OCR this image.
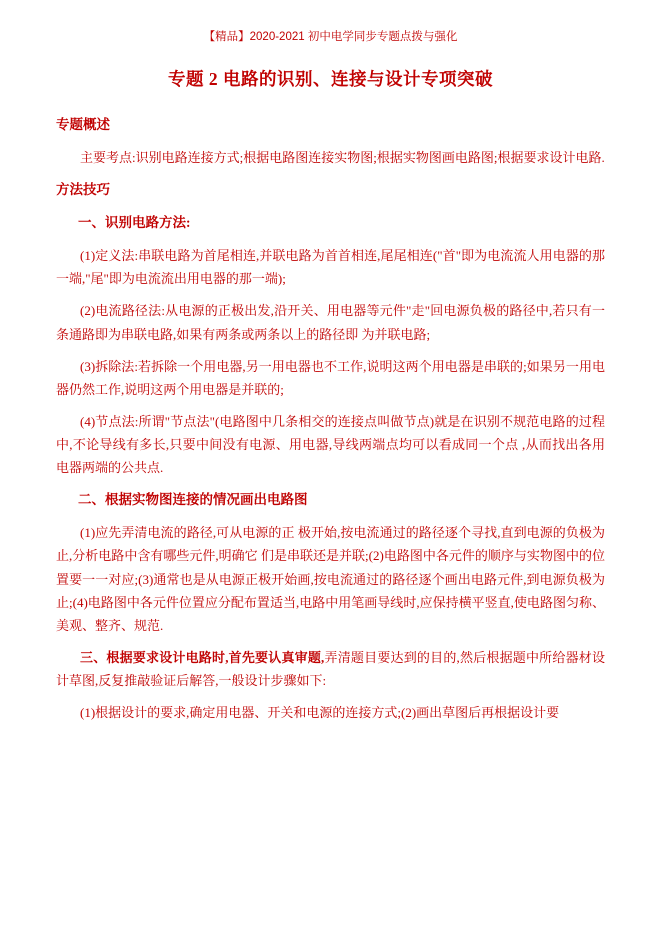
【精品】2020-2021 初中电学同步专题点拨与强化
专题 2 电路的识别、连接与设计专项突破
专题概述

主要考点:识别电路连接方式;根据电路图连接实物图;根据实物图画电路图;根据要求设计电路.

方法技巧
一、识别电路方法:

(1)定义法:串联电路为首尾相连,并联电路为首首相连,尾尾相连("首"即为电流流人用电器的那一端,"尾"即为电流流出用电器的那一端);

(2)电流路径法:从电源的正极出发,沿开关、用电器等元件"走"回电源负极的路径中,若只有一条通路即为串联电路,如果有两条或两条以上的路径即 为并联电路;

(3)拆除法:若拆除一个用电器,另一用电器也不工作,说明这两个用电器是串联的;如果另一用电器仍然工作,说明这两个用电器是并联的;

(4)节点法:所谓"节点法"(电路图中几条相交的连接点叫做节点)就是在识别不规范电路的过程中,不论导线有多长,只要中间没有电源、用电器,导线两端点均可以看成同一个点 ,从而找出各用电器两端的公共点.

二、根据实物图连接的情况画出电路图

(1)应先弄清电流的路径,可从电源的正 极开始,按电流通过的路径逐个寻找,直到电源的负极为止,分析电路中含有哪些元件,明确它 们是串联还是并联;(2)电路图中各元件的顺序与实物图中的位置要一一对应;(3)通常也是从电源正极开始画,按电流通过的路径逐个画出电路元件,到电源负极为止;(4)电路图中各元件位置应分配布置适当,电路中用笔画导线时,应保持横平竖直,使电路图匀称、美观、整齐、规范.

三、根据要求设计电路时,首先要认真审题,弄清题目要达到的目的,然后根据题中所给器材设计草图,反复推敲验证后解答,一般设计步骤如下:

(1)根据设计的要求,确定用电器、开关和电源的连接方式;(2)画出草图后再根据设计要
